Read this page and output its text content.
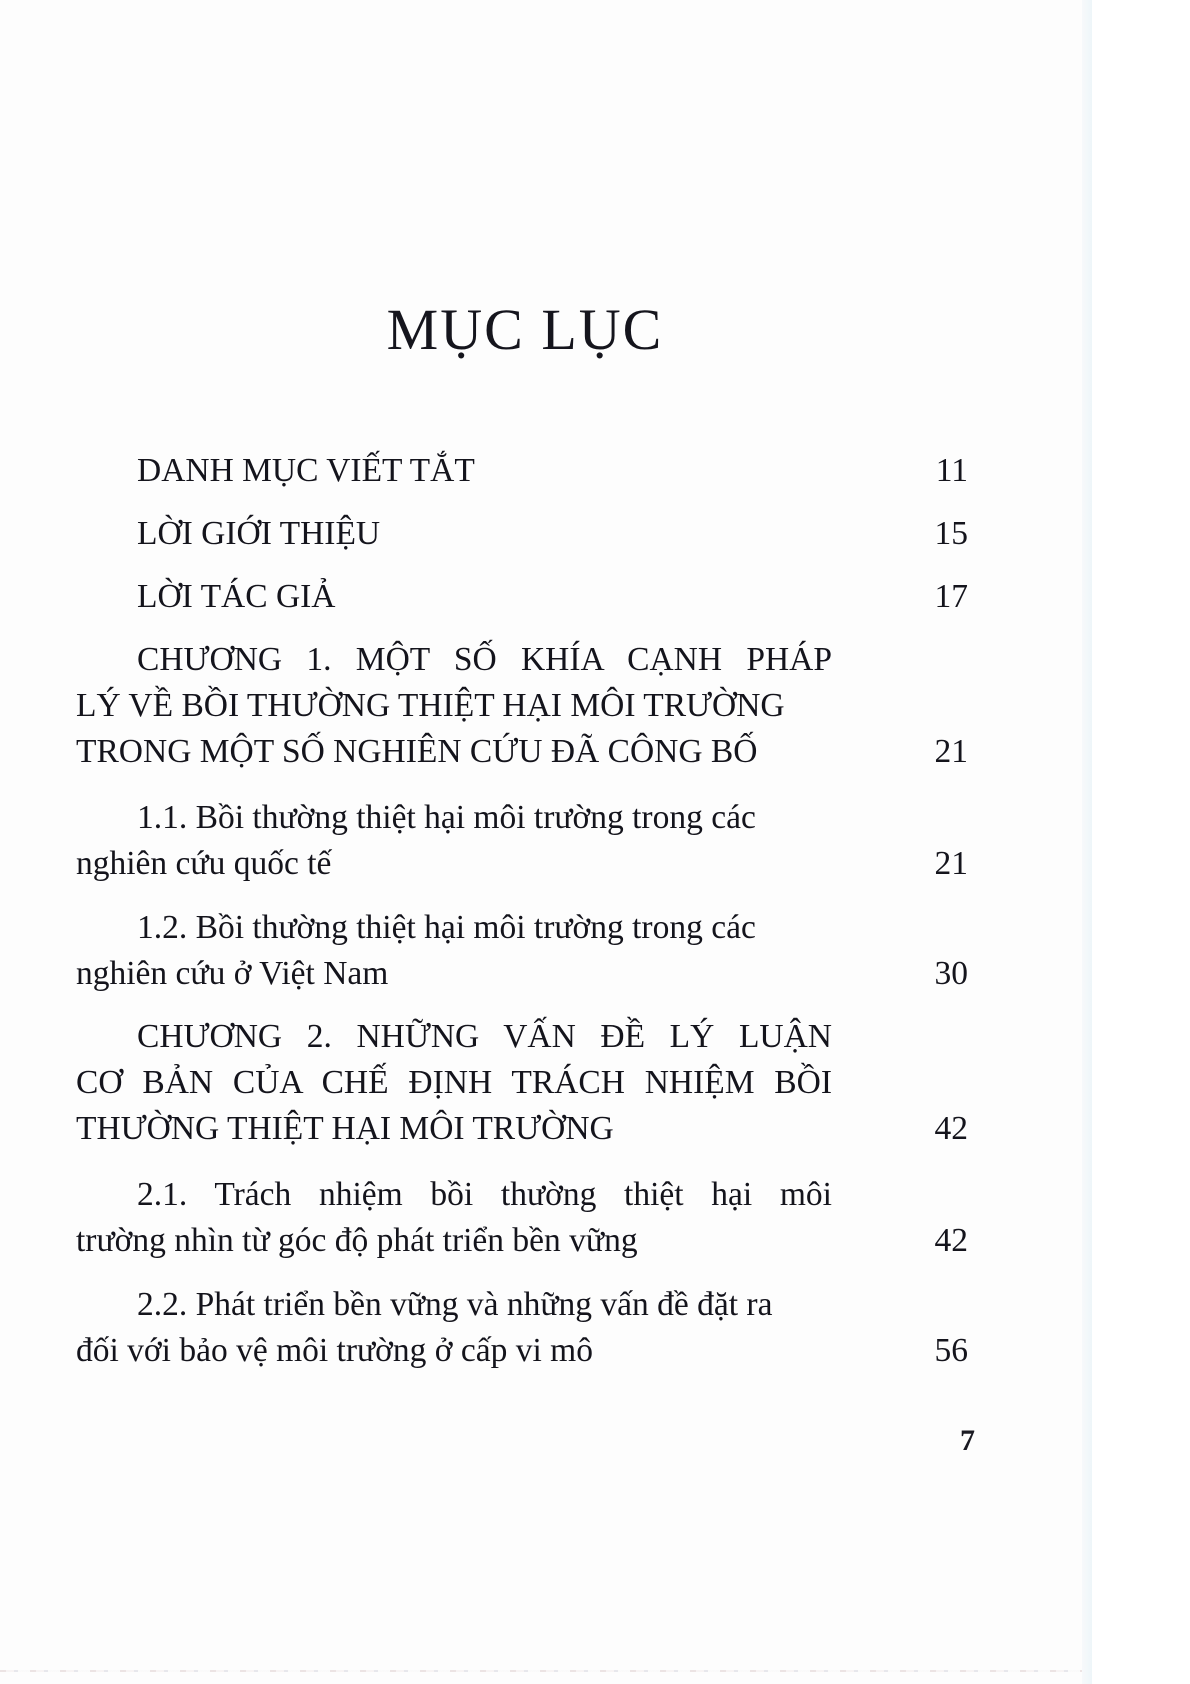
MỤC LỤC
DANH MỤC VIẾT TẮT	11
LỜI GIỚI THIỆU	15
LỜI TÁC GIẢ	17
CHƯƠNG 1. MỘT SỐ KHÍA CẠNH PHÁP
LÝ VỀ BỒI THƯỜNG THIỆT HẠI MÔI TRƯỜNG
TRONG MỘT SỐ NGHIÊN CỨU ĐÃ CÔNG BỐ	21
1.1. Bồi thường thiệt hại môi trường trong các
nghiên cứu quốc tế	21
1.2. Bồi thường thiệt hại môi trường trong các
nghiên cứu ở Việt Nam	30
CHƯƠNG 2. NHỮNG VẤN ĐỀ LÝ LUẬN
CƠ BẢN CỦA CHẾ ĐỊNH TRÁCH NHIỆM BỒI
THƯỜNG THIỆT HẠI MÔI TRƯỜNG	42
2.1. Trách nhiệm bồi thường thiệt hại môi
trường nhìn từ góc độ phát triển bền vững	42
2.2. Phát triển bền vững và những vấn đề đặt ra
đối với bảo vệ môi trường ở cấp vi mô	56
7
